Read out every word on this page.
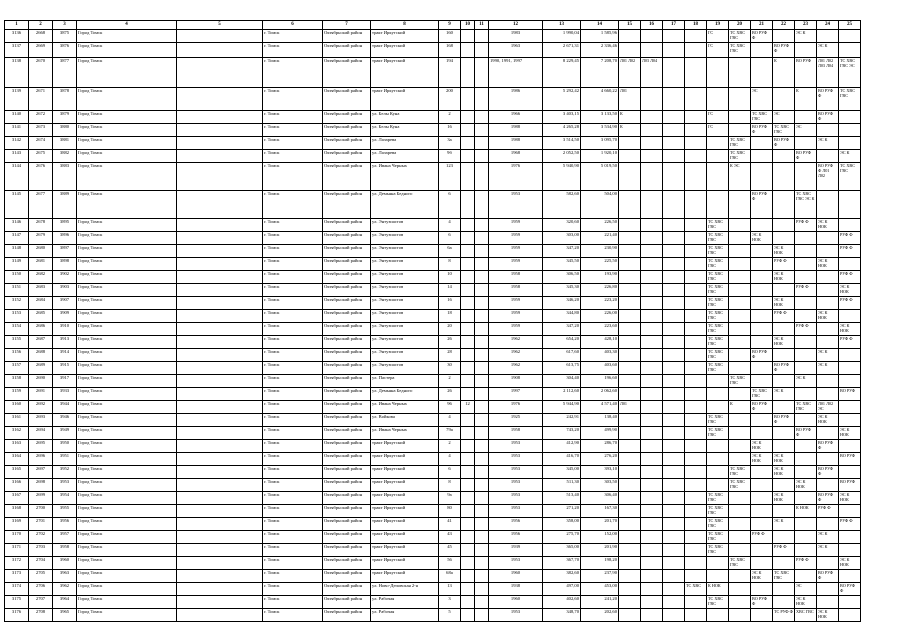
1	2	3	4	5	6	7	8	9	10	11	12	13	14	15	16	17	18	19	20	21	22	23	24	25
3136	2668	3875	Город Томск		г. Томск	Октябрьский район	тракт Иркутский	160			1983	1 990,04	1 585,96					ГС	ТС ХВС ГВС	ВО РУФ Ф		ЭС К		
3137	2669	3876	Город Томск		г. Томск	Октябрьский район	тракт Иркутский	168			1963	2 671,31	2 336,46					ГС	ТС ХВС ГВС		ВО РУФ Ф		ЭС К	
3138	2670	3877	Город Томск		г. Томск	Октябрьский район	тракт Иркутский	194			1990, 1991, 1997	8 229,45	7 208,70	Л01 Л02	Л03 Л04						К	ВО РУФ	Л01 Л02 Л03 Л04	ТС ХВС ГВС ЭС
3139	2671	3878	Город Томск		г. Томск	Октябрьский район	тракт Иркутский	200			1986	5 292,42	4 660,22	Л01						ЭС		К	ВО РУФ Ф	ТС ХВС ГВС
3140	2672	3879	Город Томск		г. Томск	Октябрьский район	ул. Белы Куна	2			1966	3 403,15	3 133,50	К				ГС		ТС ХВС ГВС	ЭС		ВО РУФ Ф	
3141	2673	3880	Город Томск		г. Томск	Октябрьский район	ул. Белы Куна	16			1988	4 265,28	3 534,90	К				ГС		ВО РУФ Ф	ТС ХВС ГВС	ЭС		
3142	2674	3881	Город Томск		г. Томск	Октябрьский район	ул. Лазарева	3а			1988	3 514,50	3 095,70						ТС ХВС ГВС		ВО РУФ Ф		ЭС К	
3143	2675	3882	Город Томск		г. Томск	Октябрьский район	ул. Лазарева	9б			1968	2 052,50	1 920,10						ТС ХВС ГВС			ВО РУФ Ф		ЭС К
3144	2676	3883	Город Томск		г. Томск	Октябрьский район	ул. Ивана Черных	123			1976	5 940,90	5 019,50						К ЭС				ВО РУФ Ф Л01 Л02	ТС ХВС ГВС
3145	2677	3889	Город Томск		г. Томск	Октябрьский район	ул. Демьяна Бедного	6			1953	582,60	504,00							ВО РУФ Ф		ТС ХВС ГВС ЭС К		
3146	2678	3895	Город Томск		г. Томск	Октябрьский район	ул. Энтузиастов	4			1959	320,60	226,50					ТС ХВС ГВС				РУФ Ф	ЭС К НОК	
3147	2679	3896	Город Томск		г. Томск	Октябрьский район	ул. Энтузиастов	6			1959	303,00	221,40					ТС ХВС ГВС		ЭС К НОК				РУФ Ф
3148	2680	3897	Город Томск		г. Томск	Октябрьский район	ул. Энтузиастов	6а			1959	347,20	230,90					ТС ХВС ГВС			ЭС К НОК			РУФ Ф
3149	2681	3898	Город Томск		г. Томск	Октябрьский район	ул. Энтузиастов	8			1959	345,50	225,50					ТС ХВС ГВС			РУФ Ф		ЭС К НОК	
3150	2682	3902	Город Томск		г. Томск	Октябрьский район	ул. Энтузиастов	10			1958	306,50	193,90					ТС ХВС ГВС			ЭС К НОК			РУФ Ф
3151	2683	3903	Город Томск		г. Томск	Октябрьский район	ул. Энтузиастов	14			1958	345,30	226,80					ТС ХВС ГВС				РУФ Ф		ЭС К НОК
3152	2684	3907	Город Томск		г. Томск	Октябрьский район	ул. Энтузиастов	16			1959	346,20	223,20					ТС ХВС ГВС			ЭС К НОК			РУФ Ф
3153	2685	3909	Город Томск		г. Томск	Октябрьский район	ул. Энтузиастов	18			1959	344,80	226,00					ТС ХВС ГВС			РУФ Ф		ЭС К НОК	
3154	2686	3910	Город Томск		г. Томск	Октябрьский район	ул. Энтузиастов	20			1959	347,20	223,60					ТС ХВС ГВС				РУФ Ф		ЭС К НОК
3155	2687	3913	Город Томск		г. Томск	Октябрьский район	ул. Энтузиастов	26			1962	654,20	428,10					ТС ХВС ГВС			ЭС К НОК			РУФ Ф
3156	2688	3914	Город Томск		г. Томск	Октябрьский район	ул. Энтузиастов	28			1962	617,60	403,30					ТС ХВС ГВС		ВО РУФ Ф			ЭС К	
3157	2689	3915	Город Томск		г. Томск	Октябрьский район	ул. Энтузиастов	30			1962	613,75	403,60					ТС ХВС ГВС			ВО РУФ Ф		ЭС К	
3158	2690	3917	Город Томск		г. Томск	Октябрьский район	ул. Пастера	2			1908	304,40	196,60						ТС ХВС ГВС			ЭС К		
3159	2691	3933	Город Томск		г. Томск	Октябрьский район	ул. Демьяна Бедного	26			1997	2 112,60	2 062,60							ТС ХВС ГВС	ЭС К			ВО РУФ
3160	2692	3944	Город Томск		г. Томск	Октябрьский район	ул. Ивана Черных	96	12		1976	5 944,90	4 571,40	Л01					К	ВО РУФ Ф		ТС ХВС ГВС	Л01 Л02 ЭС	
3161	2693	3946	Город Томск		г. Томск	Октябрьский район	ул. Войкова	4			1925	242,91	138,40					ТС ХВС ГВС			ВО РУФ Ф		ЭС К НОК	
3162	2694	3949	Город Томск		г. Томск	Октябрьский район	ул. Ивана Черных	79а			1958	743,20	499,90					ТС ХВС ГВС				ВО РУФ Ф		ЭС К НОК
3163	2695	3950	Город Томск		г. Томск	Октябрьский район	тракт Иркутский	2			1953	412,90	286,70							ЭС К НОК			ВО РУФ Ф	
3164	2696	3951	Город Томск		г. Томск	Октябрьский район	тракт Иркутский	4			1953	416,70	276,20							ЭС К НОК	ЭС К НОК			ВО РУФ
3165	2697	3952	Город Томск		г. Томск	Октябрьский район	тракт Иркутский	6			1953	345,00	393,10						ТС ХВС ГВС		ЭС К НОК		ВО РУФ Ф	
3166	2698	3953	Город Томск		г. Томск	Октябрьский район	тракт Иркутский	8			1953	511,30	303,50						ТС ХВС ГВС			ЭС К НОК		ВО РУФ
3167	2699	3954	Город Томск		г. Томск	Октябрьский район	тракт Иркутский	9а			1953	513,40	306,40					ТС ХВС ГВС			ЭС К НОК		ВО РУФ Ф	ЭС К НОК
3168	2700	3955	Город Томск		г. Томск	Октябрьский район	тракт Иркутский	80			1953	271,20	167,30					ТС ХВС ГВС				К НОК	РУФ Ф	
3169	2701	3956	Город Томск		г. Томск	Октябрьский район	тракт Иркутский	41			1956	358,00	201,70					ТС ХВС ГВС			ЭС К			РУФ Ф
3170	2702	3957	Город Томск		г. Томск	Октябрьский район	тракт Иркутский	43			1956	275,70	152,00					ТС ХВС ГВС		РУФ Ф			ЭС К	
3171	2703	3958	Город Томск		г. Томск	Октябрьский район	тракт Иркутский	45			1939	365,00	201,90					ТС ХВС ГВС			РУФ Ф		ЭС К	
3172	2704	3960	Город Томск		г. Томск	Октябрьский район	тракт Иркутский	56			1953	367,70	198,20						ТС ХВС ГВС			РУФ Ф		ЭС К НОК
3173	2705	3963	Город Томск		г. Томск	Октябрьский район	тракт Иркутский	68а			1960	382,60	237,90							ЭС К НОК	ТС ХВС ГВС		ВО РУФ Ф	
3174	2706	3962	Город Томск		г. Томск	Октябрьский район	ул. Ново-Деповская 2-я	13			1938	497,00	453,00				ТС ХВС	К НОК				ЭС		ВО РУФ Ф
3175	2707	3964	Город Томск		г. Томск	Октябрьский район	ул. Рабочая	3			1960	402,60	241,20					ТС ХВС ГВС		ВО РУФ Ф		ЭС К НОК		
3176	2708	3965	Город Томск		г. Томск	Октябрьский район	ул. Рабочая	5			1953	348,70	202,60								ТС РУФ Ф	ХВС ГВС	ЭС К НОК	
